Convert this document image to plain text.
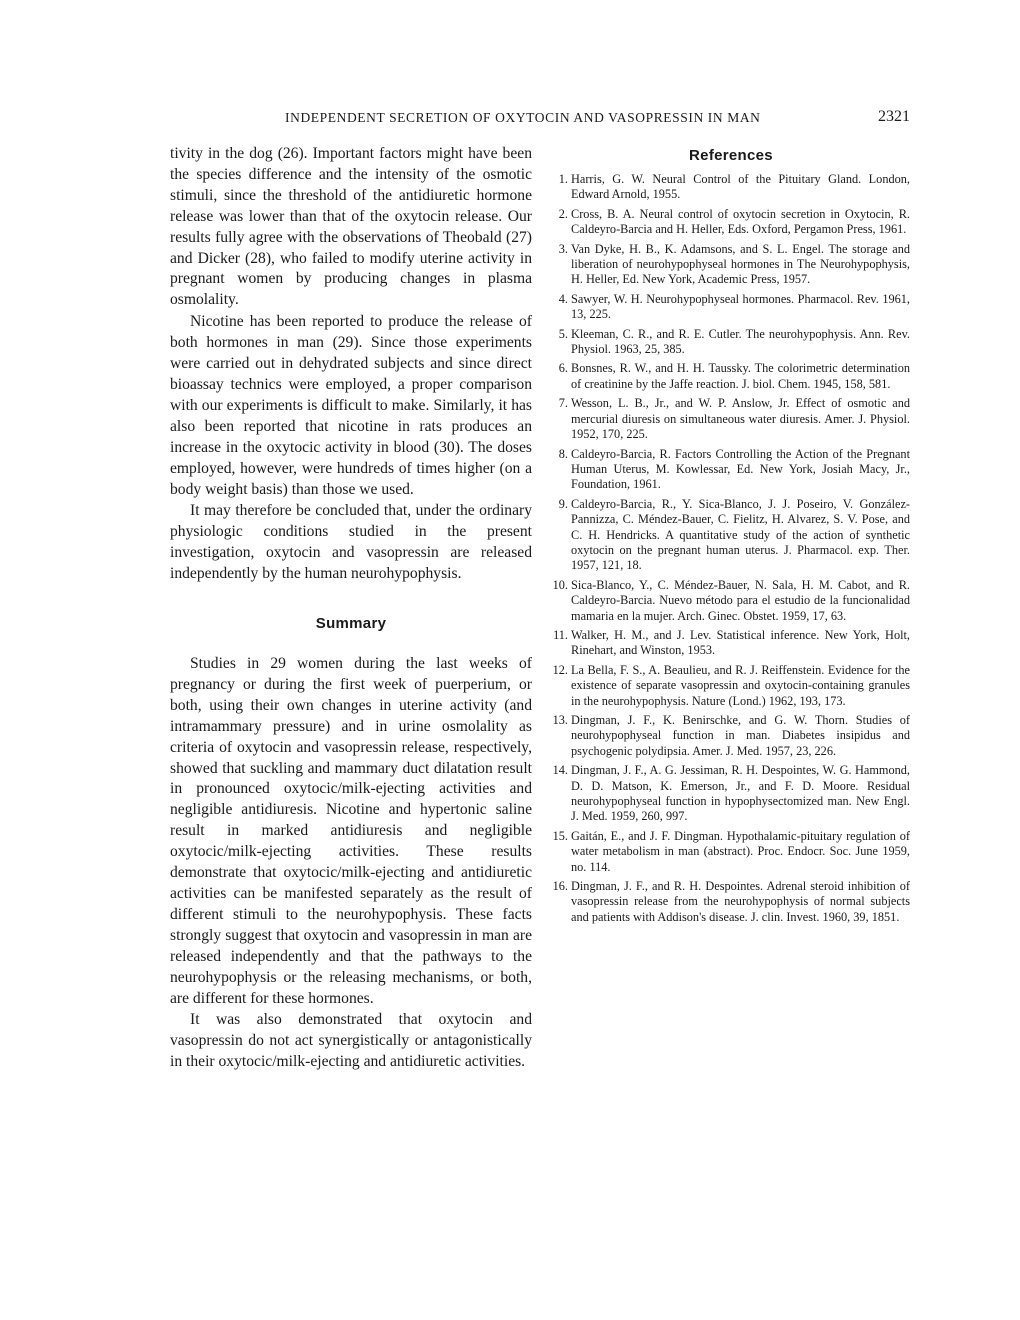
INDEPENDENT SECRETION OF OXYTOCIN AND VASOPRESSIN IN MAN	2321

tivity in the dog (26). Important factors might have been the species difference and the intensity of the osmotic stimuli, since the threshold of the antidiuretic hormone release was lower than that of the oxytocin release. Our results fully agree with the observations of Theobald (27) and Dicker (28), who failed to modify uterine activity in pregnant women by producing changes in plasma osmolality.

Nicotine has been reported to produce the release of both hormones in man (29). Since those experiments were carried out in dehydrated subjects and since direct bioassay technics were employed, a proper comparison with our experiments is difficult to make. Similarly, it has also been reported that nicotine in rats produces an increase in the oxytocic activity in blood (30). The doses employed, however, were hundreds of times higher (on a body weight basis) than those we used.

It may therefore be concluded that, under the ordinary physiologic conditions studied in the present investigation, oxytocin and vasopressin are released independently by the human neurohypophysis.

Summary

Studies in 29 women during the last weeks of pregnancy or during the first week of puerperium, or both, using their own changes in uterine activity (and intramammary pressure) and in urine osmolality as criteria of oxytocin and vasopressin release, respectively, showed that suckling and mammary duct dilatation result in pronounced oxytocic/milk-ejecting activities and negligible antidiuresis. Nicotine and hypertonic saline result in marked antidiuresis and negligible oxytocic/milk-ejecting activities. These results demonstrate that oxytocic/milk-ejecting and antidiuretic activities can be manifested separately as the result of different stimuli to the neurohypophysis. These facts strongly suggest that oxytocin and vasopressin in man are released independently and that the pathways to the neurohypophysis or the releasing mechanisms, or both, are different for these hormones.

It was also demonstrated that oxytocin and vasopressin do not act synergistically or antagonistically in their oxytocic/milk-ejecting and antidiuretic activities.

References
1. Harris, G. W. Neural Control of the Pituitary Gland. London, Edward Arnold, 1955.
2. Cross, B. A. Neural control of oxytocin secretion in Oxytocin, R. Caldeyro-Barcia and H. Heller, Eds. Oxford, Pergamon Press, 1961.
3. Van Dyke, H. B., K. Adamsons, and S. L. Engel. The storage and liberation of neurohypophyseal hormones in The Neurohypophysis, H. Heller, Ed. New York, Academic Press, 1957.
4. Sawyer, W. H. Neurohypophyseal hormones. Pharmacol. Rev. 1961, 13, 225.
5. Kleeman, C. R., and R. E. Cutler. The neurohypophysis. Ann. Rev. Physiol. 1963, 25, 385.
6. Bonsnes, R. W., and H. H. Taussky. The colorimetric determination of creatinine by the Jaffe reaction. J. biol. Chem. 1945, 158, 581.
7. Wesson, L. B., Jr., and W. P. Anslow, Jr. Effect of osmotic and mercurial diuresis on simultaneous water diuresis. Amer. J. Physiol. 1952, 170, 225.
8. Caldeyro-Barcia, R. Factors Controlling the Action of the Pregnant Human Uterus, M. Kowlessar, Ed. New York, Josiah Macy, Jr., Foundation, 1961.
9. Caldeyro-Barcia, R., Y. Sica-Blanco, J. J. Poseiro, V. González-Pannizza, C. Méndez-Bauer, C. Fielitz, H. Alvarez, S. V. Pose, and C. H. Hendricks. A quantitative study of the action of synthetic oxytocin on the pregnant human uterus. J. Pharmacol. exp. Ther. 1957, 121, 18.
10. Sica-Blanco, Y., C. Méndez-Bauer, N. Sala, H. M. Cabot, and R. Caldeyro-Barcia. Nuevo método para el estudio de la funcionalidad mamaria en la mujer. Arch. Ginec. Obstet. 1959, 17, 63.
11. Walker, H. M., and J. Lev. Statistical inference. New York, Holt, Rinehart, and Winston, 1953.
12. La Bella, F. S., A. Beaulieu, and R. J. Reiffenstein. Evidence for the existence of separate vasopressin and oxytocin-containing granules in the neurohypophysis. Nature (Lond.) 1962, 193, 173.
13. Dingman, J. F., K. Benirschke, and G. W. Thorn. Studies of neurohypophyseal function in man. Diabetes insipidus and psychogenic polydipsia. Amer. J. Med. 1957, 23, 226.
14. Dingman, J. F., A. G. Jessiman, R. H. Despointes, W. G. Hammond, D. D. Matson, K. Emerson, Jr., and F. D. Moore. Residual neurohypophyseal function in hypophysectomized man. New Engl. J. Med. 1959, 260, 997.
15. Gaitán, E., and J. F. Dingman. Hypothalamic-pituitary regulation of water metabolism in man (abstract). Proc. Endocr. Soc. June 1959, no. 114.
16. Dingman, J. F., and R. H. Despointes. Adrenal steroid inhibition of vasopressin release from the neurohypophysis of normal subjects and patients with Addison's disease. J. clin. Invest. 1960, 39, 1851.
